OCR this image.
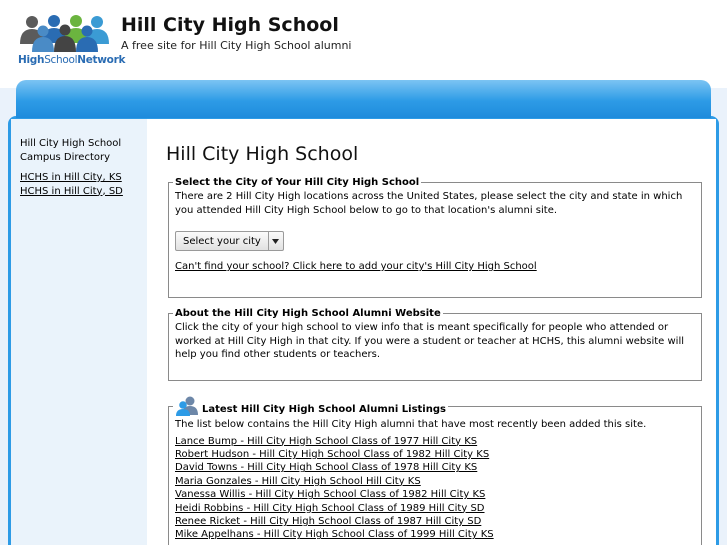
HighSchoolNetwork
Hill City High School
A free site for Hill City High School alumni
Hill City High School Campus Directory
HCHS in Hill City, KS
HCHS in Hill City, SD
Hill City High School
Select the City of Your Hill City High School
There are 2 Hill City High locations across the United States, please select the city and state in which you attended Hill City High School below to go to that location's alumni site.
Select your city
Can't find your school? Click here to add your city's Hill City High School
About the Hill City High School Alumni Website
Click the city of your high school to view info that is meant specifically for people who attended or worked at Hill City High in that city. If you were a student or teacher at HCHS, this alumni website will help you find other students or teachers.
Latest Hill City High School Alumni Listings
The list below contains the Hill City High alumni that have most recently been added this site.
Lance Bump - Hill City High School Class of 1977 Hill City KS
Robert Hudson - Hill City High School Class of 1982 Hill City KS
David Towns - Hill City High School Class of 1978 Hill City KS
Maria Gonzales - Hill City High School Hill City KS
Vanessa Willis - Hill City High School Class of 1982 Hill City KS
Heidi Robbins - Hill City High School Class of 1989 Hill City SD
Renee Ricket - Hill City High School Class of 1987 Hill City SD
Mike Appelhans - Hill City High School Class of 1999 Hill City KS
